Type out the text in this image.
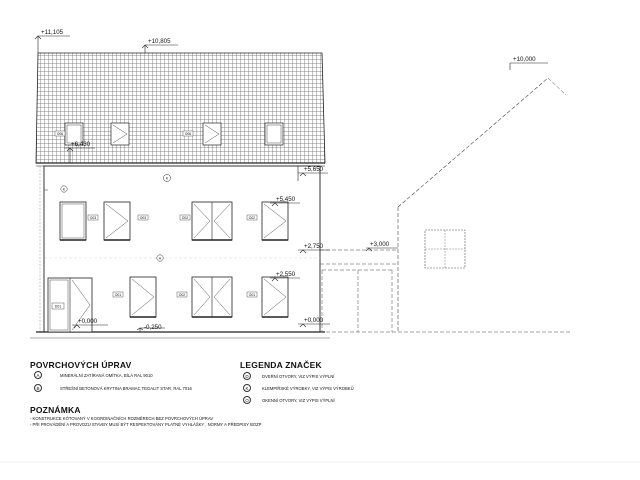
+11,105
+10,805
+6,430
+5,650
+5,450
+2,750
+2,550
+0,000	+0,000
-0,250
+3,000
+10,000
K
K
A
O06	O06
O03	O03	O02	O02
O01	O02	O01
D01
POVRCHOVÝCH ÚPRAV
A	MINERÁLNÍ ZATÍRANÁ OMÍTKA, BÍLÁ RAL 9010
B	STŘEŠNÍ BETONOVÁ KRYTINA BRAMAC TEGALIT STAR, RAL 7016
LEGENDA ZNAČEK
D	DVEŘNÍ OTVORY, VIZ VÝPIS VÝPLNÍ
K	KLEMPÍŘSKÉ VÝROBKY, VIZ VÝPIS VÝROBKŮ
O	OKENNÍ OTVORY, VIZ VÝPIS VÝPLNÍ
POZNÁMKA
- KONSTRUKCE KÓTOVANÝ V KOORDINAČNÍCH ROZMĚRECH BEZ POVRCHOVÝCH ÚPRAV
- PŘI PROVÁDĚNÍ A PROVOZU STAVBY MUSÍ BÝT RESPEKTOVÁNY PLATNÉ VYHLÁŠKY , NORMY A PŘEDPISY BOZP
